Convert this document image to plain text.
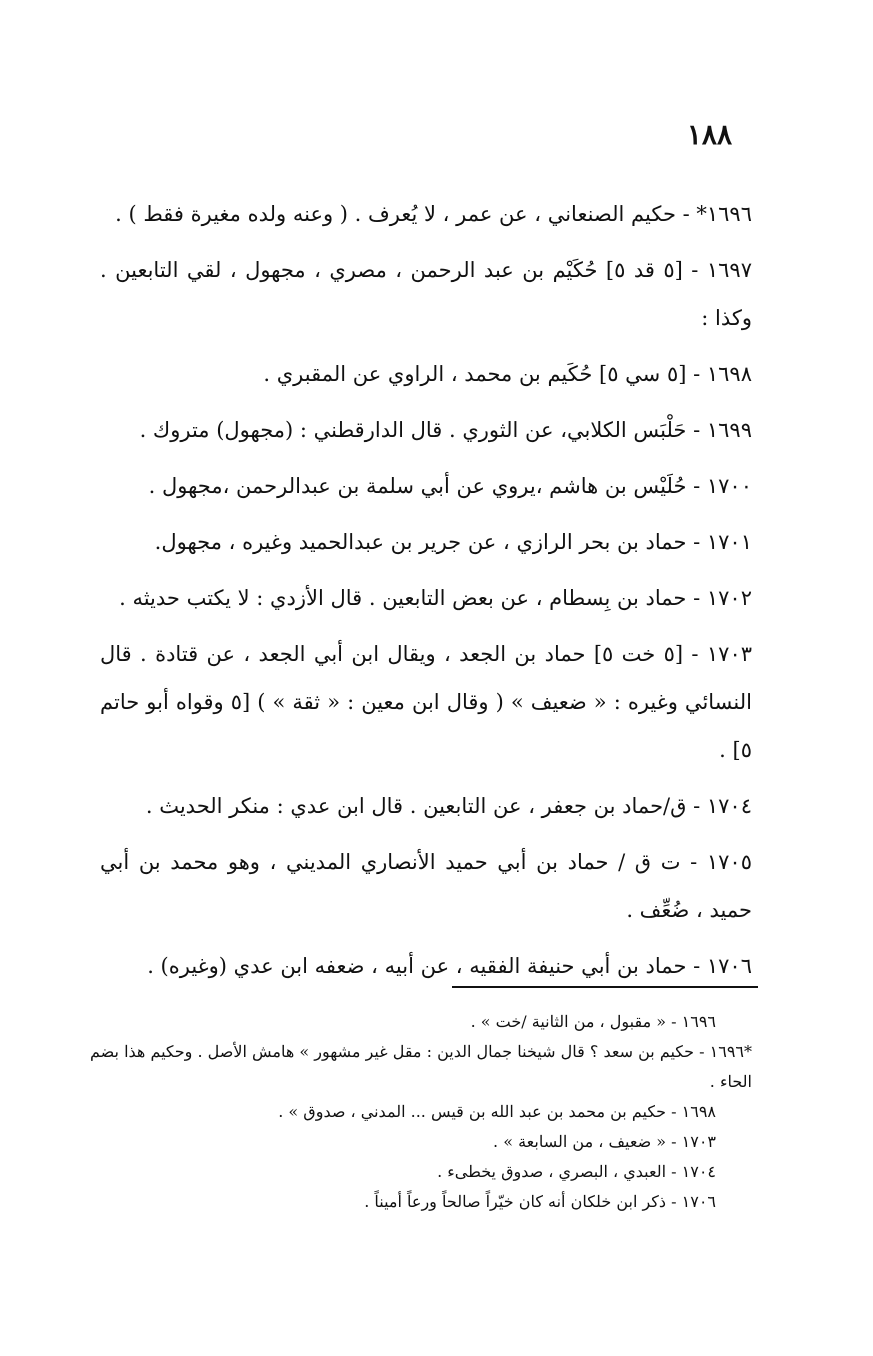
١٨٨
١٦٩٦* - حكيم الصنعاني ، عن عمر ، لا يُعرف . ( وعنه ولده مغيرة فقط ) .
١٦٩٧ - [٥ قد ٥] حُكَيْم بن عبد الرحمن ، مصري ، مجهول ، لقي التابعين . وكذا :
١٦٩٨ - [٥ سي ٥] حُكَيم بن محمد ، الراوي عن المقبري .
١٦٩٩ - حَلْبَس الكلابي، عن الثوري . قال الدارقطني : (مجهول) متروك .
١٧٠٠ - حُلَيْس بن هاشم ،يروي عن أبي سلمة بن عبدالرحمن ،مجهول .
١٧٠١ - حماد بن بحر الرازي ، عن جرير بن عبدالحميد وغيره ، مجهول.
١٧٠٢ - حماد بن بِسطام ، عن بعض التابعين . قال الأزدي : لا يكتب حديثه .
١٧٠٣ - [٥ خت ٥] حماد بن الجعد ، ويقال ابن أبي الجعد ، عن قتادة . قال النسائي وغيره : « ضعيف » ( وقال ابن معين : « ثقة » ) [٥ وقواه أبو حاتم ٥] .
١٧٠٤ - ق/حماد بن جعفر ، عن التابعين . قال ابن عدي : منكر الحديث .
١٧٠٥ - ت ق / حماد بن أبي حميد الأنصاري المديني ، وهو محمد بن أبي حميد ، ضُعِّف .
١٧٠٦ - حماد بن أبي حنيفة الفقيه ، عن أبيه ، ضعفه ابن عدي (وغيره) .
١٦٩٦ - « مقبول ، من الثانية /خت » .
*١٦٩٦ - حكيم بن سعد ؟ قال شيخنا جمال الدين : مقل غير مشهور » هامش الأصل . وحكيم هذا بضم الحاء .
١٦٩٨ - حكيم بن محمد بن عبد الله بن قيس ... المدني ، صدوق » .
١٧٠٣ - « ضعيف ، من السابعة » .
١٧٠٤ - العبدي ، البصري ، صدوق يخطىء .
١٧٠٦ - ذكر ابن خلكان أنه كان خيّراً صالحاً ورعاً أميناً .
